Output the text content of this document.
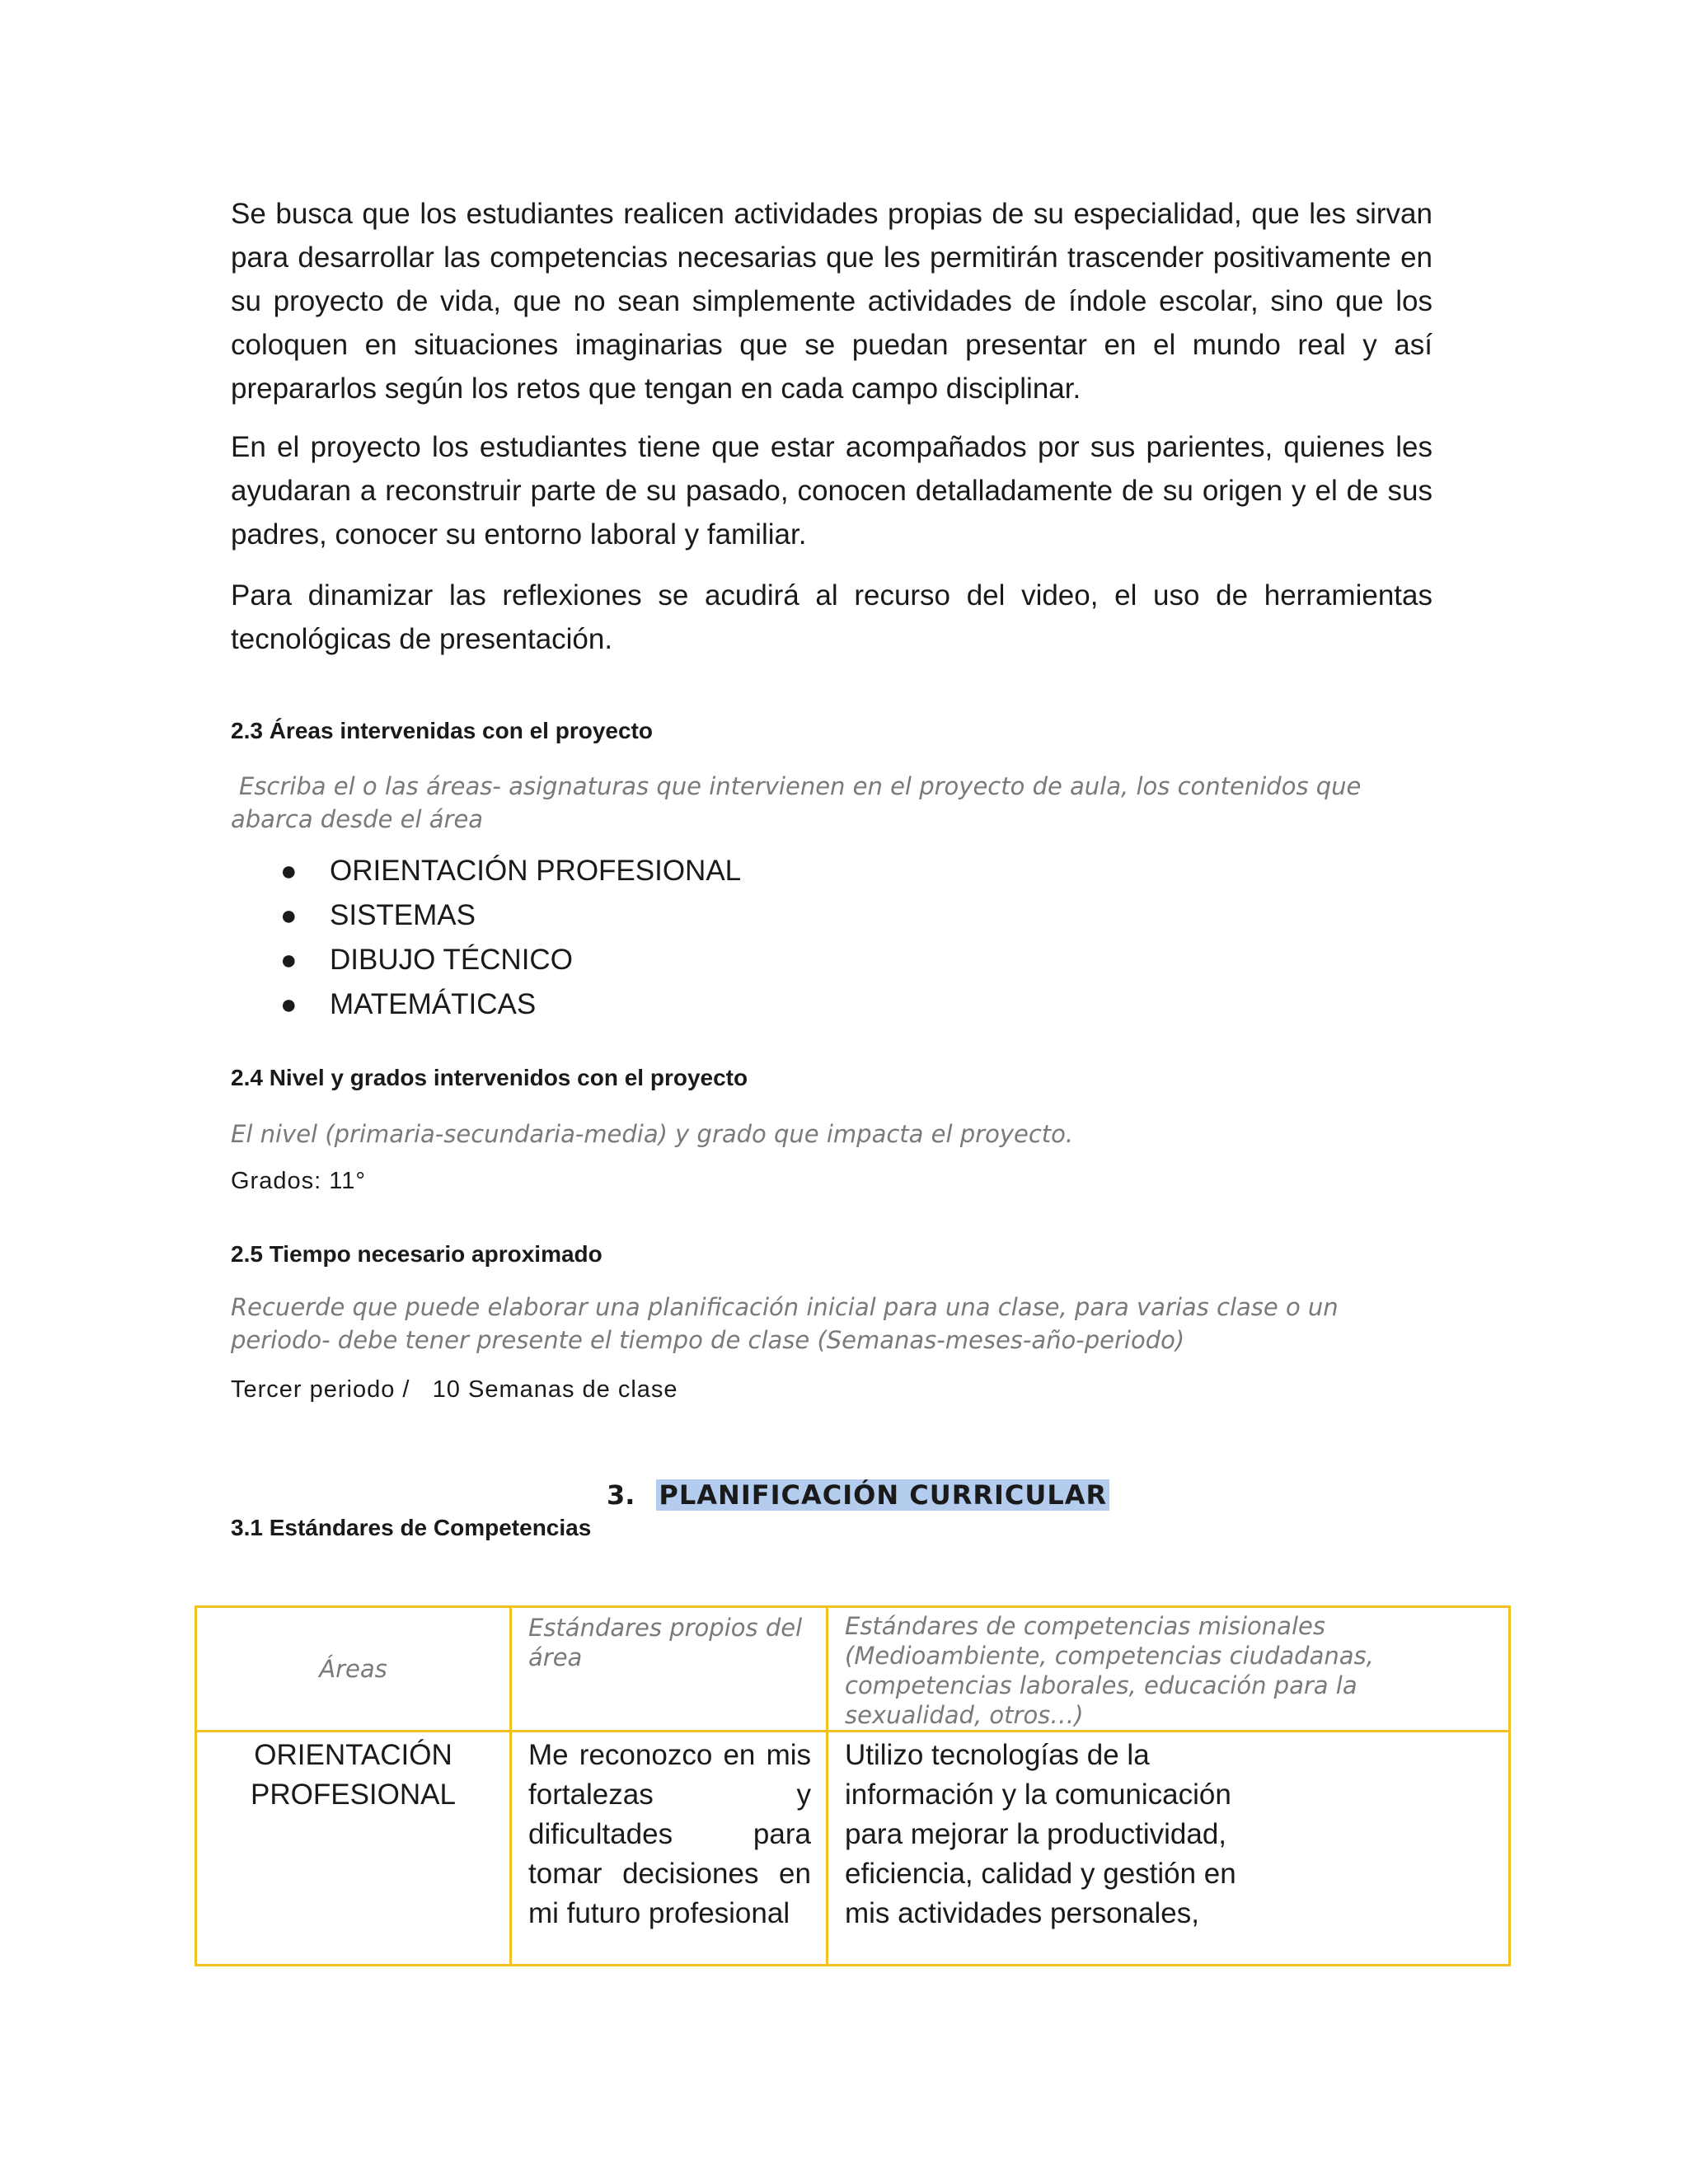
Se busca que los estudiantes realicen actividades propias de su especialidad, que les sirvan para desarrollar las competencias necesarias que les permitirán trascender positivamente en su proyecto de vida, que no sean simplemente actividades de índole escolar, sino que los coloquen en situaciones imaginarias que se puedan presentar en el mundo real y así prepararlos según los retos que tengan en cada campo disciplinar.

En el proyecto los estudiantes tiene que estar acompañados por sus parientes, quienes les ayudaran a reconstruir parte de su pasado, conocen detalladamente de su origen y el de sus padres, conocer su entorno laboral y familiar.

Para dinamizar las reflexiones se acudirá al recurso del video, el uso de herramientas tecnológicas de presentación.

2.3 Áreas intervenidas con el proyecto

Escriba el o las áreas- asignaturas que intervienen en el proyecto de aula, los contenidos que abarca desde el área

● ORIENTACIÓN PROFESIONAL
● SISTEMAS
● DIBUJO TÉCNICO
● MATEMÁTICAS
2.4 Nivel y grados intervenidos con el proyecto

El nivel (primaria-secundaria-media) y grado que impacta el proyecto.

Grados: 11°

2.5 Tiempo necesario aproximado

Recuerde que puede elaborar una planificación inicial para una clase, para varias clase o un periodo- debe tener presente el tiempo de clase (Semanas-meses-año-periodo)

Tercer periodo /   10 Semanas de clase

3. PLANIFICACIÓN CURRICULAR
3.1 Estándares de Competencias
Áreas	Estándares propios del área	Estándares de competencias misionales (Medioambiente, competencias ciudadanas, competencias laborales, educación para la sexualidad, otros…)
ORIENTACIÓN PROFESIONAL	Me reconozco en mis fortalezas y dificultades para tomar decisiones en mi futuro profesional	Utilizo tecnologías de la información y la comunicación para mejorar la productividad, eficiencia, calidad y gestión en mis actividades personales,
